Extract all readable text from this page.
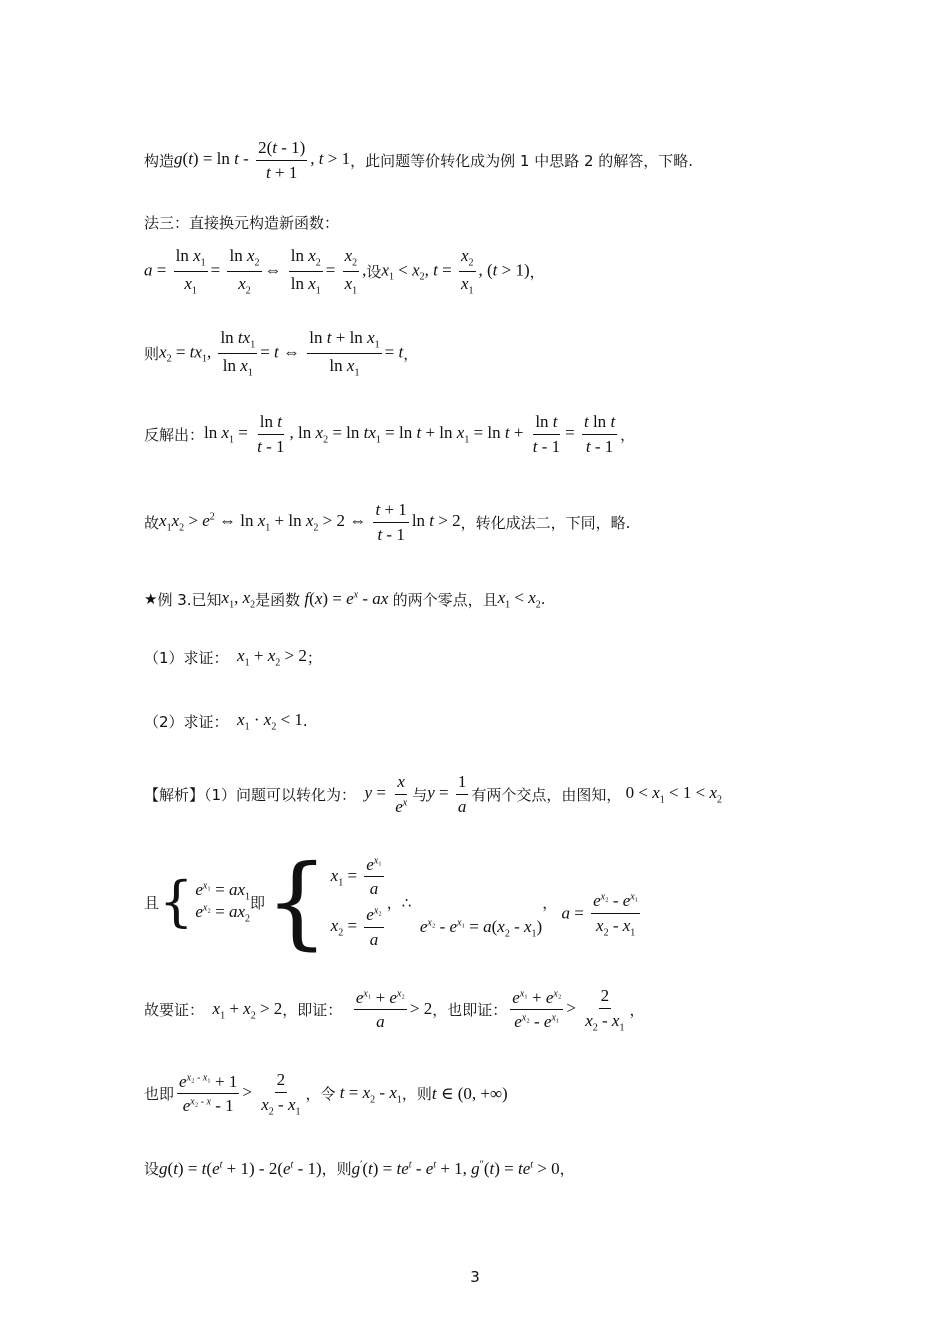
构造 $g(t) = \ln t - \frac{2(t - 1)}{t + 1}$ , t > 1 ，此问题等价转化成为例 1 中思路 2 的解答，下略.
法三：直接换元构造新函数：
$a = \frac{\ln x_1}{x_1} = \frac{\ln x_2}{x_2}$ ⇔ $\frac{\ln x_2}{\ln x_1} = \frac{x_2}{x_1}$ , 设 $x_1 < x_2$, $t = \frac{x_2}{x_1}$ , (t > 1) ，
则 $x_2 = tx_1$, $\frac{\ln tx_1}{\ln x_1} = t$ ⇔ $\frac{\ln t + \ln x_1}{\ln x_1} = t$ ，
反解出： $\ln x_1 = \frac{\text{ln t}}{t - 1}$ , $\ln x_2 = \ln tx_1 = \ln t + \ln x_1 = \ln t + \frac{\text{ln t}}{t - 1} = \frac{\text{t ln t}}{t - 1}$ ，
故 $x_1x_2 > e^2$ ⇔ $\ln x_1 + \ln x_2 > 2$ ⇔ $\frac{t + 1}{t - 1}$ ln t > 2 ，转化成法二，下同，略.
★ 例 3.已知 $x_1$, $x_2$ 是函数 $f(x) = e^x$ - ax 的两个零点，且 $x_1 < x_2$ .
（1）求证： $x_1 + x_2 > 2$ ；
（2）求证： $x_1 \cdot x_2 < 1$ .
【解析】（1）问题可以转化为： $y = \frac{x}{e^x}$ 与 $y = \frac{1}{a}$ 有两个交点，由图知， $0 < x_1 < 1 < x_2$
且 { $e^{x_1} = ax_1$
$e^{x_2} = ax_2$
即 { $x_1 = \frac{e^{x_1}}{a}$
$x_2 = \frac{e^{x_2}}{a}$
，∴
$e^{x_2} - e^{x_1} = a(x_2 - x_1)$
，
$a = \frac{e^{x_2} - e^{x_1}}{x_2 - x_1}$
故要证： $x_1 + x_2 > 2$ ，即证：
$\frac{e^{x_1} + e^{x_2}}{a} > 2$ ，也即证： $\frac{e^{x_1} + e^{x_2}}{e^{x_2} - e^{x_1}} > \frac{2}{x_2 - x_1}$ ，
也即 $\frac{e^{x_2 - x_1} + 1}{e^{x_2 - x} - 1} > \frac{2}{x_2 - x_1}$ ，令 $t = x_2 - x_1$ ，则 t ∈ (0, +∞)
设 $g(t) = t(e^t + 1) - 2(e^t - 1)$ ，则 $g'(t) = te^t - e^t + 1$, $g''(t) = te^t > 0$ ，
3
